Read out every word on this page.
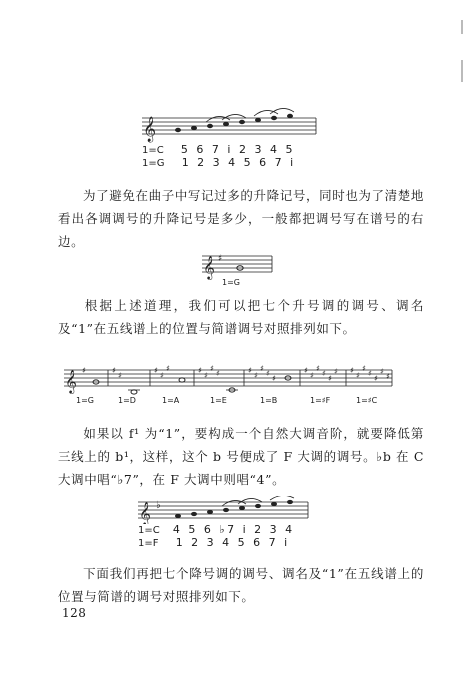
𝄞
1=C 5 6 7 i 2 3 4 5
1=G 1 2 3 4 5 6 7 i

为了避免在曲子中写记过多的升降记号，同时也为了清楚地看出各调调号的升降记号是多少，一般都把调号写在谱号的右边。

𝄞 ♯
1=G

根据上述道理，我们可以把七个升号调的调号、调名及“1”在五线谱上的位置与简谱调号对照排列如下。

𝄞 ♯	♯
♯
♯
♯
♯	♯
♯
♯
♯	♯
♯
♯
♯
♯
♯
♯
♯
♯
♯
♯ ♯
♯
♯
♯
♯
♯
♯
1=G	1=D	1=A	1=E	1=B	1=♯F	1=♯C

如果以 f¹ 为“1”，要构成一个自然大调音阶，就要降低第三线上的 b¹，这样，这个 b 号便成了 F 大调的调号。♭b 在 C 大调中唱“♭7”，在 F 大调中则唱“4”。

𝄞 ♭
1=C 4 5 6 ♭7 i 2 3 4
1=F 1 2 3 4 5 6 7 i

下面我们再把七个降号调的调号、调名及“1”在五线谱上的位置与简谱的调号对照排列如下。

128
